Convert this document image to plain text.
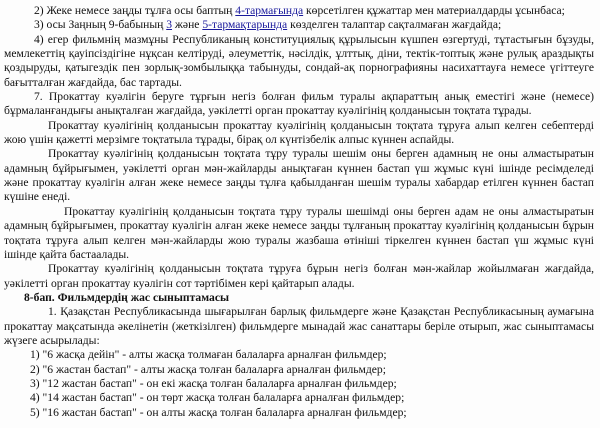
2) Жеке немесе заңды тұлға осы баптың 4-тармағында көрсетілген құжаттар мен материалдарды ұсынбаса;

3) осы Заңның 9-бабының 3 және 5-тармақтарында көзделген талаптар сақталмаған жағдайда;

4) егер фильмнің мазмұны Республиканың конституциялық құрылысын күшпен өзгертуді, тұтастығын бұзуды, мемлекеттің қауіпсіздігіне нұқсан келтіруді, әлеуметтік, нәсілдік, ұлттық, діни, тектік-топтық және рулық араздықты қоздыруды, қатыгездік пен зорлық-зомбылыққа табынуды, сондай-ақ порнографияны насихаттауға немесе үгіттеуге бағытталған жағдайда, бас тартады.

7. Прокаттау куәлігін беруге тұрғын негіз болған фильм туралы ақпараттың анық еместігі және (немесе) бұрмаланғандығы анықталған жағдайда, уәкілетті орган прокаттау куәлігінің қолданысын тоқтата тұрады.

Прокаттау куәлігінің қолданысын прокаттау куәлігінің қолданысын тоқтата тұруға алып келген себептерді жою үшін қажетті мерзімге тоқтатыла тұрады, бірақ ол күнтізбелік алпыс күннен аспайды.

Прокаттау куәлігінің қолданысын тоқтата тұру туралы шешім оны берген адамның не оны алмастыратын адамның бұйрығымен, уәкілетті орган мән-жайларды анықтаған күннен бастап үш жұмыс күні ішінде ресімделеді және прокаттау куәлігін алған жеке немесе заңды тұлға қабылданған шешім туралы хабардар етілген күннен бастап күшіне енеді.

Прокаттау куәлігінің қолданысын тоқтата тұру туралы шешімді оны берген адам не оны алмастыратын адамның бұйрығымен, прокаттау куәлігін алған жеке немесе заңды тұлғаның прокаттау куәлігінің қолданысын бұрын тоқтата тұруға алып келген мән-жайларды жою туралы жазбаша өтініші тіркелген күннен бастап үш жұмыс күні ішінде қайта бастаалады.

Прокаттау куәлігінің қолданысын тоқтата тұруға бұрын негіз болған мән-жайлар жойылмаған жағдайда, уәкілетті орган прокаттау куәлігін сот тәртібімен кері қайтарып алады.

8-бап. Фильмдердің жас сыныптамасы

1. Қазақстан Республикасында шығарылған барлық фильмдерге және Қазақстан Республикасының аумағына прокаттау мақсатында әкелінетін (жеткізілген) фильмдерге мынадай жас санаттары беріле отырып, жас сыныптамасы жүзеге асырылады:

1) "6 жасқа дейін" - алты жасқа толмаған балаларға арналған фильмдер;

2) "6 жастан бастап" - алты жасқа толған балаларға арналған фильмдер;

3) "12 жастан бастап" - он екі жасқа толған балаларға арналған фильмдер;

4) "14 жастан бастап" - он төрт жасқа толған балаларға арналған фильмдер;

5) "16 жастан бастап" - он алты жасқа толған балаларға арналған фильмдер;
